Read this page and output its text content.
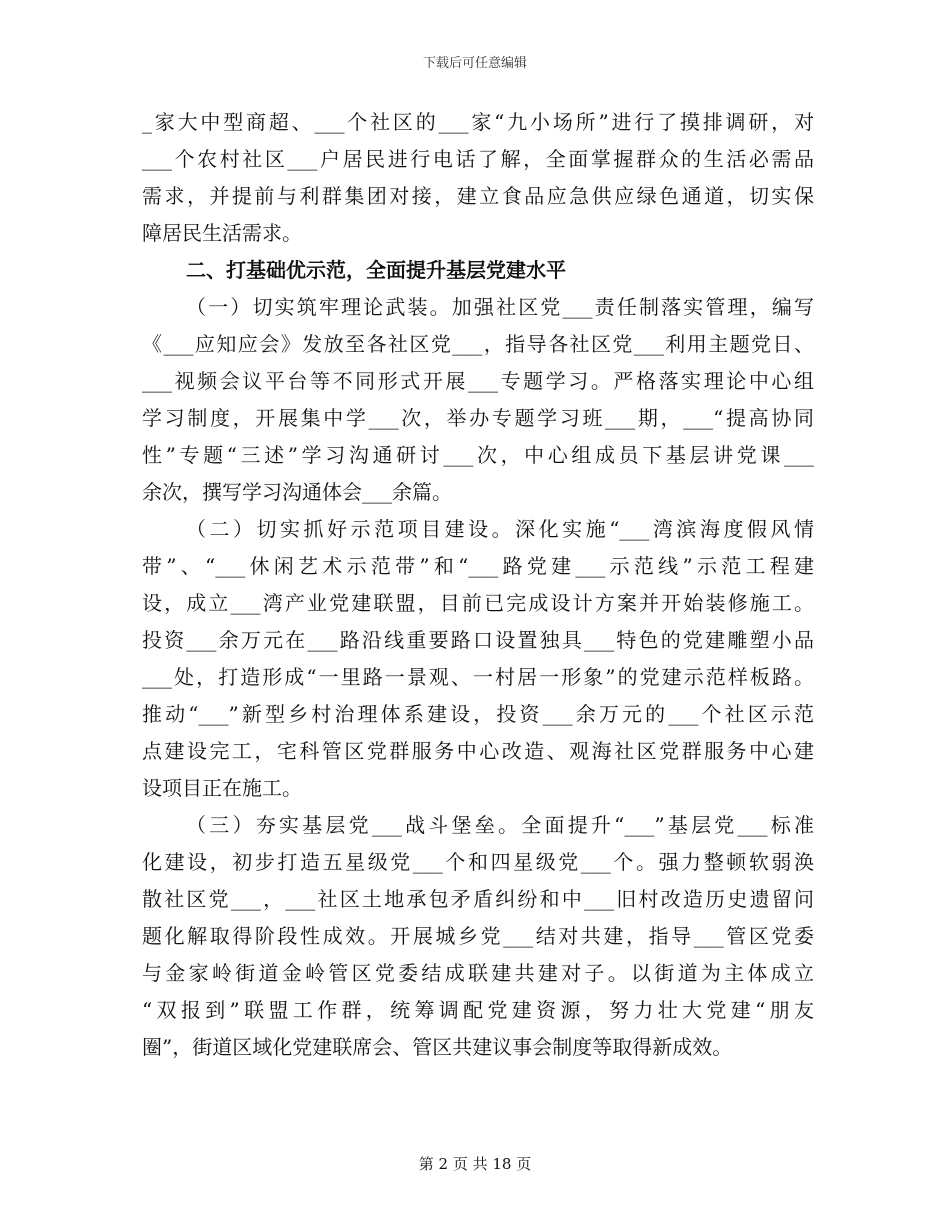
下载后可任意编辑
_家大中型商超、___个社区的___家“九小场所”进行了摸排调研，对
___个农村社区___户居民进行电话了解，全面掌握群众的生活必需品
需求，并提前与利群集团对接，建立食品应急供应绿色通道，切实保
障居民生活需求。
二、打基础优示范，全面提升基层党建水平
（一）切实筑牢理论武装。加强社区党___责任制落实管理，编写
《___应知应会》发放至各社区党___，指导各社区党___利用主题党日、
___视频会议平台等不同形式开展___专题学习。严格落实理论中心组
学习制度，开展集中学___次，举办专题学习班___期，___“提高协同
性”专题“三述”学习沟通研讨___次，中心组成员下基层讲党课___
余次，撰写学习沟通体会___余篇。
（二）切实抓好示范项目建设。深化实施“___湾滨海度假风情
带”、“___休闲艺术示范带”和“___路党建___示范线”示范工程建
设，成立___湾产业党建联盟，目前已完成设计方案并开始装修施工。
投资___余万元在___路沿线重要路口设置独具___特色的党建雕塑小品
___处，打造形成“一里路一景观、一村居一形象”的党建示范样板路。
推动“___”新型乡村治理体系建设，投资___余万元的___个社区示范
点建设完工，宅科管区党群服务中心改造、观海社区党群服务中心建
设项目正在施工。
（三）夯实基层党___战斗堡垒。全面提升“___”基层党___标准
化建设，初步打造五星级党___个和四星级党___个。强力整顿软弱涣
散社区党___，___社区土地承包矛盾纠纷和中___旧村改造历史遗留问
题化解取得阶段性成效。开展城乡党___结对共建，指导___管区党委
与金家岭街道金岭管区党委结成联建共建对子。以街道为主体成立
“双报到”联盟工作群，统筹调配党建资源，努力壮大党建“朋友
圈”，街道区域化党建联席会、管区共建议事会制度等取得新成效。
第 2 页 共 18 页
